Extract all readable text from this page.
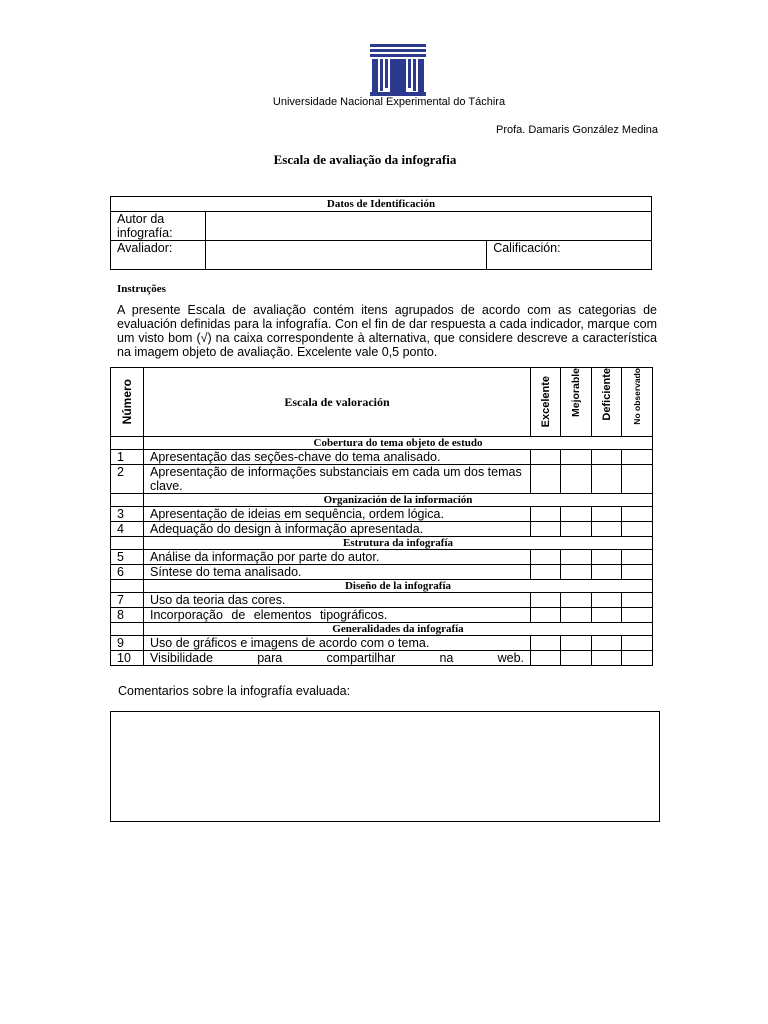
Universidade Nacional Experimental do Táchira
Profa. Damaris González Medina
Escala de avaliação da infografia
Datos de Identificación		
Autor da infografía:		
Avaliador:		Calificación:
Instruções
A presente Escala de avaliação contém itens agrupados de acordo com as categorias de evaluación definidas para la infografía. Con el fin de dar respuesta a cada indicador, marque com um visto bom (√) na caixa correspondente à alternativa, que considere descreve a característica na imagem objeto de avaliação. Excelente vale 0,5 ponto.
Número	Escala de valoración	Excelente	Mejorable	Deficiente	No observado

	Cobertura do tema objeto de estudo				
1	Apresentação das seções-chave do tema analisado.				
2	Apresentação de informações substanciais em cada um dos temas clave.				
	Organización de la información				
3	Apresentação de ideias em sequência, ordem lógica.				
4	Adequação do design à informação apresentada.				
	Estrutura da infografía				
5	Análise da informação por parte do autor.				
6	Síntese do tema analisado.				
	Diseño de la infografía				
7	Uso da teoria das cores.				
8	Incorporação de elementos tipográficos.				
	Generalidades da infografía				
9	Uso de gráficos e imagens de acordo com o tema.				
10	Visibilidade para compartilhar na web.				
Comentarios sobre la infografía evaluada:
